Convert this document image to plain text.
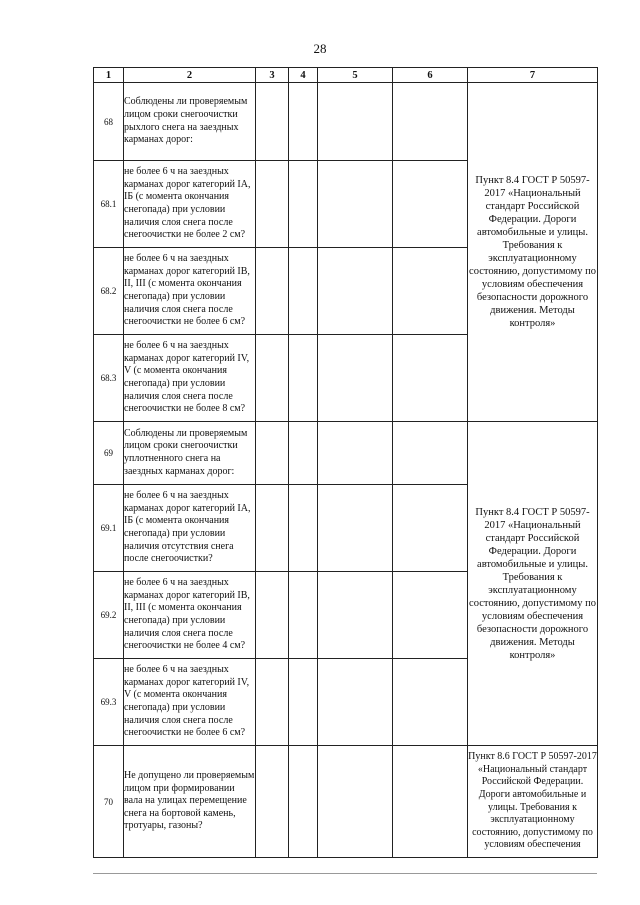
28
1	2	3	4	5	6	7
68	Соблюдены ли проверяемым лицом сроки снегоочистки рыхлого снега на заездных карманах дорог:					Пункт 8.4 ГОСТ Р 50597-2017 «Национальный стандарт Российской Федерации. Дороги автомобильные и улицы. Требования к эксплуатационному состоянию, допустимому по условиям обеспечения безопасности дорожного движения. Методы контроля»
68.1	не более 6 ч на заездных карманах дорог категорий IА, IБ (с момента окончания снегопада) при условии наличия слоя снега после снегоочистки не более 2 см?					
68.2	не более 6 ч на заездных карманах дорог категорий IВ, II, III (с момента окончания снегопада) при условии наличия слоя снега после снегоочистки не более 6 см?					
68.3	не более 6 ч на заездных карманах дорог категорий IV, V (с момента окончания снегопада) при условии наличия слоя снега после снегоочистки не более 8 см?					
69	Соблюдены ли проверяемым лицом сроки снегоочистки уплотненного снега на заездных карманах дорог:					Пункт 8.4 ГОСТ Р 50597-2017 «Национальный стандарт Российской Федерации. Дороги автомобильные и улицы. Требования к эксплуатационному состоянию, допустимому по условиям обеспечения безопасности дорожного движения. Методы контроля»
69.1	не более 6 ч на заездных карманах дорог категорий IА, IБ (с момента окончания снегопада) при условии наличия отсутствия снега после снегоочистки?					
69.2	не более 6 ч на заездных карманах дорог категорий IВ, II, III (с момента окончания снегопада) при условии наличия слоя снега после снегоочистки не более 4 см?					
69.3	не более 6 ч на заездных карманах дорог категорий IV, V (с момента окончания снегопада) при условии наличия слоя снега после снегоочистки не более 6 см?					
70	Не допущено ли проверяемым лицом при формировании вала на улицах перемещение снега на бортовой камень, тротуары, газоны?					Пункт 8.6 ГОСТ Р 50597-2017 «Национальный стандарт Российской Федерации. Дороги автомобильные и улицы. Требования к эксплуатационному состоянию, допустимому по условиям обеспечения
